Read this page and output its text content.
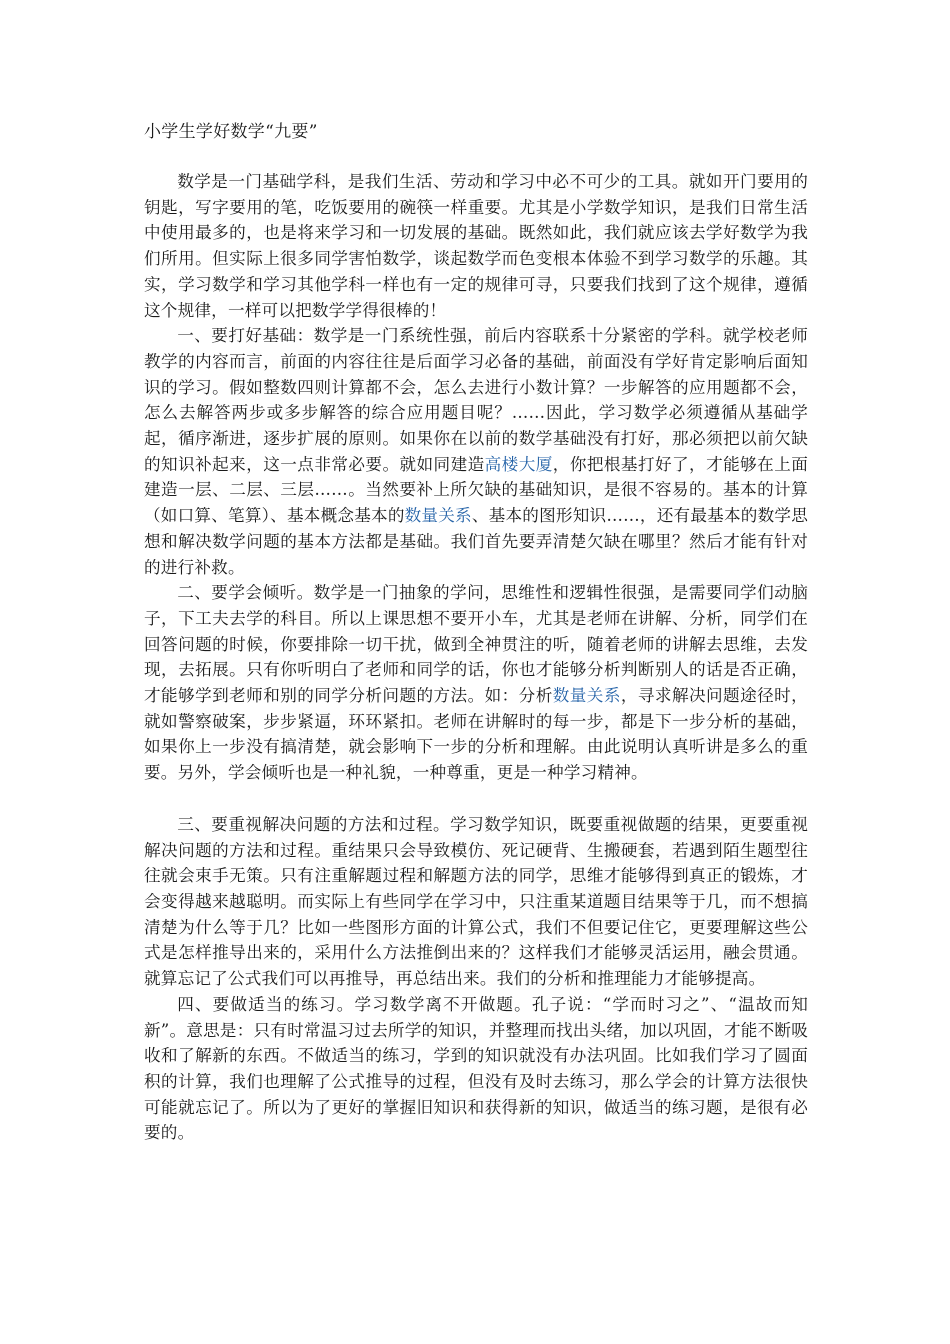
小学生学好数学“九要”

数学是一门基础学科，是我们生活、劳动和学习中必不可少的工具。就如开门要用的钥匙，写字要用的笔，吃饭要用的碗筷一样重要。尤其是小学数学知识，是我们日常生活中使用最多的，也是将来学习和一切发展的基础。既然如此，我们就应该去学好数学为我们所用。但实际上很多同学害怕数学，谈起数学而色变根本体验不到学习数学的乐趣。其实，学习数学和学习其他学科一样也有一定的规律可寻，只要我们找到了这个规律，遵循这个规律，一样可以把数学学得很棒的！

一、要打好基础：数学是一门系统性强，前后内容联系十分紧密的学科。就学校老师教学的内容而言，前面的内容往往是后面学习必备的基础，前面没有学好肯定影响后面知识的学习。假如整数四则计算都不会，怎么去进行小数计算？一步解答的应用题都不会，怎么去解答两步或多步解答的综合应用题目呢？……因此，学习数学必须遵循从基础学起，循序渐进，逐步扩展的原则。如果你在以前的数学基础没有打好，那必须把以前欠缺的知识补起来，这一点非常必要。就如同建造高楼大厦，你把根基打好了，才能够在上面建造一层、二层、三层……。当然要补上所欠缺的基础知识，是很不容易的。基本的计算（如口算、笔算）、基本概念基本的数量关系、基本的图形知识……，还有最基本的数学思想和解决数学问题的基本方法都是基础。我们首先要弄清楚欠缺在哪里？然后才能有针对的进行补救。

二、要学会倾听。数学是一门抽象的学问，思维性和逻辑性很强，是需要同学们动脑子，下工夫去学的科目。所以上课思想不要开小车，尤其是老师在讲解、分析，同学们在回答问题的时候，你要排除一切干扰，做到全神贯注的听，随着老师的讲解去思维，去发现，去拓展。只有你听明白了老师和同学的话，你也才能够分析判断别人的话是否正确，才能够学到老师和别的同学分析问题的方法。如：分析数量关系，寻求解决问题途径时，就如警察破案，步步紧逼，环环紧扣。老师在讲解时的每一步，都是下一步分析的基础，如果你上一步没有搞清楚，就会影响下一步的分析和理解。由此说明认真听讲是多么的重要。另外，学会倾听也是一种礼貌，一种尊重，更是一种学习精神。

三、要重视解决问题的方法和过程。学习数学知识，既要重视做题的结果，更要重视解决问题的方法和过程。重结果只会导致模仿、死记硬背、生搬硬套，若遇到陌生题型往往就会束手无策。只有注重解题过程和解题方法的同学，思维才能够得到真正的锻炼，才会变得越来越聪明。而实际上有些同学在学习中，只注重某道题目结果等于几，而不想搞清楚为什么等于几？比如一些图形方面的计算公式，我们不但要记住它，更要理解这些公式是怎样推导出来的，采用什么方法推倒出来的？这样我们才能够灵活运用，融会贯通。就算忘记了公式我们可以再推导，再总结出来。我们的分析和推理能力才能够提高。

四、要做适当的练习。学习数学离不开做题。孔子说：“学而时习之”、“温故而知新”。意思是：只有时常温习过去所学的知识，并整理而找出头绪，加以巩固，才能不断吸收和了解新的东西。不做适当的练习，学到的知识就没有办法巩固。比如我们学习了圆面积的计算，我们也理解了公式推导的过程，但没有及时去练习，那么学会的计算方法很快可能就忘记了。所以为了更好的掌握旧知识和获得新的知识，做适当的练习题，是很有必要的。
